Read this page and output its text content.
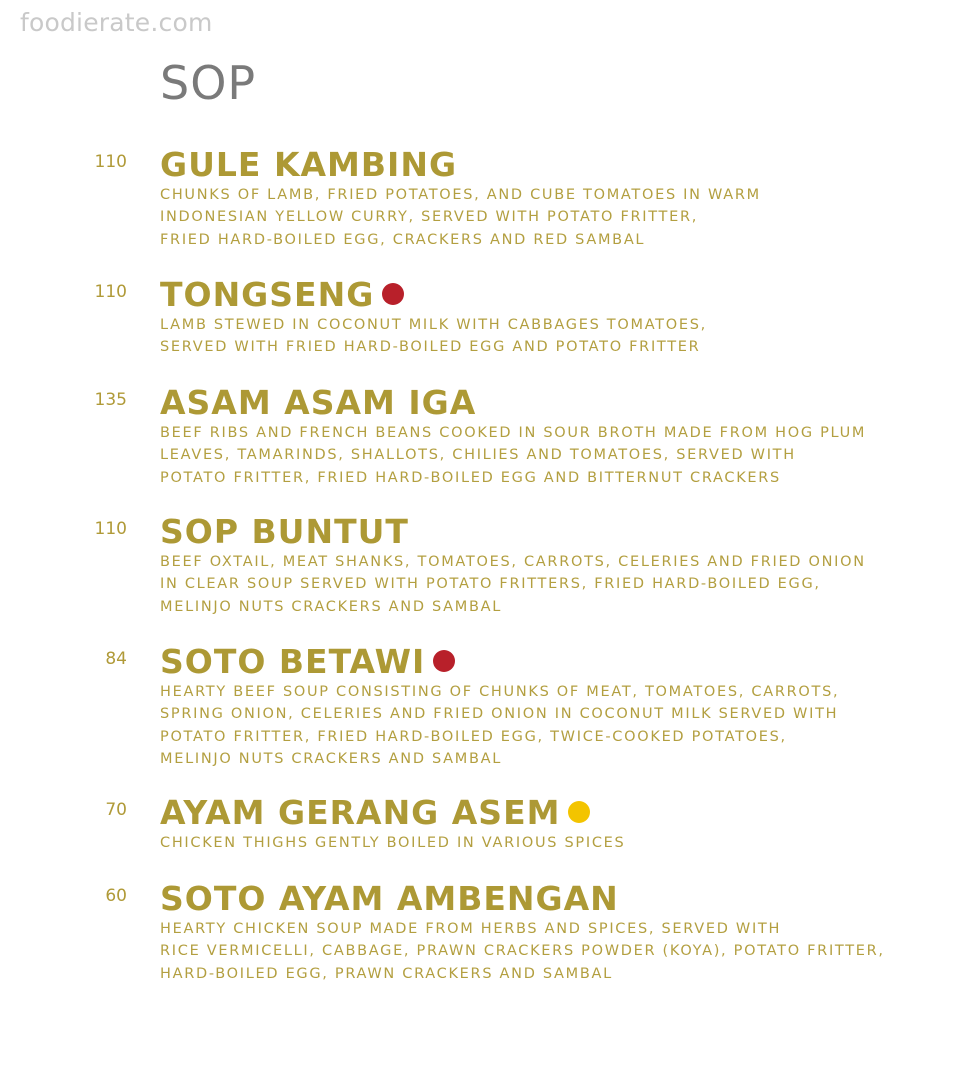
foodierate.com
SOP
110 GULE KAMBING
CHUNKS OF LAMB, FRIED POTATOES, AND CUBE TOMATOES IN WARM
INDONESIAN YELLOW CURRY, SERVED WITH POTATO FRITTER,
FRIED HARD-BOILED EGG, CRACKERS AND RED SAMBAL
110 TONGSENG
LAMB STEWED IN COCONUT MILK WITH CABBAGES TOMATOES,
SERVED WITH FRIED HARD-BOILED EGG AND POTATO FRITTER
135 ASAM ASAM IGA
BEEF RIBS AND FRENCH BEANS COOKED IN SOUR BROTH MADE FROM HOG PLUM
LEAVES, TAMARINDS, SHALLOTS, CHILIES AND TOMATOES, SERVED WITH
POTATO FRITTER, FRIED HARD-BOILED EGG AND BITTERNUT CRACKERS
110 SOP BUNTUT
BEEF OXTAIL, MEAT SHANKS, TOMATOES, CARROTS, CELERIES AND FRIED ONION
IN CLEAR SOUP SERVED WITH POTATO FRITTERS, FRIED HARD-BOILED EGG,
MELINJO NUTS CRACKERS AND SAMBAL
84 SOTO BETAWI
HEARTY BEEF SOUP CONSISTING OF CHUNKS OF MEAT, TOMATOES, CARROTS,
SPRING ONION, CELERIES AND FRIED ONION IN COCONUT MILK SERVED WITH
POTATO FRITTER, FRIED HARD-BOILED EGG, TWICE-COOKED POTATOES,
MELINJO NUTS CRACKERS AND SAMBAL
70 AYAM GERANG ASEM
CHICKEN THIGHS GENTLY BOILED IN VARIOUS SPICES
60 SOTO AYAM AMBENGAN
HEARTY CHICKEN SOUP MADE FROM HERBS AND SPICES, SERVED WITH
RICE VERMICELLI, CABBAGE, PRAWN CRACKERS POWDER (KOYA), POTATO FRITTER,
HARD-BOILED EGG, PRAWN CRACKERS AND SAMBAL
